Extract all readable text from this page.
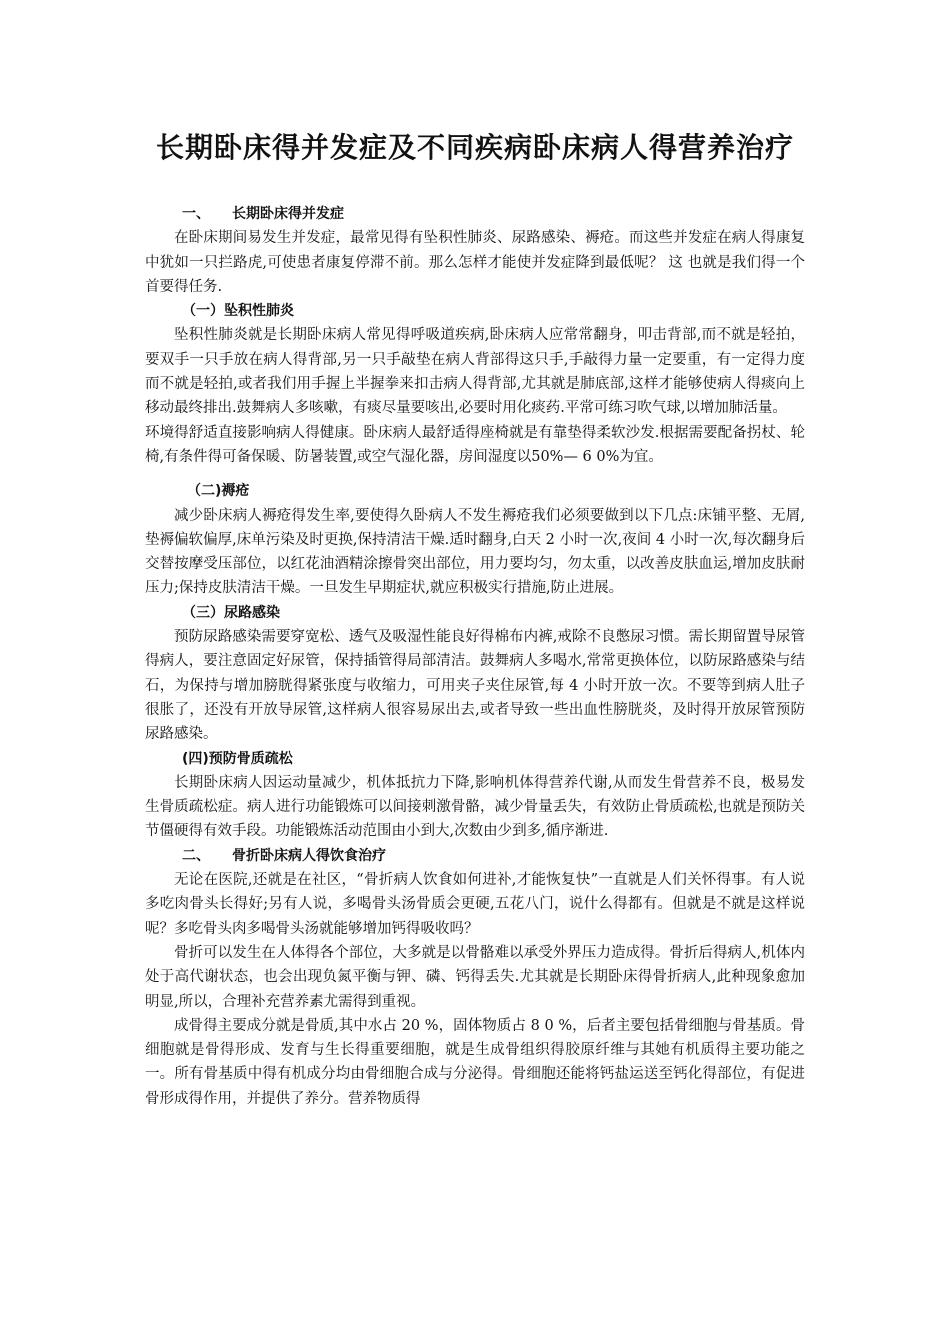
长期卧床得并发症及不同疾病卧床病人得营养治疗

一、 长期卧床得并发症

在卧床期间易发生并发症，最常见得有坠积性肺炎、尿路感染、褥疮。而这些并发症在病人得康复中犹如一只拦路虎,可使患者康复停滞不前。那么怎样才能使并发症降到最低呢？ 这 也就是我们得一个首要得任务.

（一）坠积性肺炎

坠积性肺炎就是长期卧床病人常见得呼吸道疾病,卧床病人应常常翻身，叩击背部,而不就是轻拍，要双手一只手放在病人得背部,另一只手敲垫在病人背部得这只手,手敲得力量一定要重，有一定得力度而不就是轻拍,或者我们用手握上半握拳来扣击病人得背部,尤其就是肺底部,这样才能够使病人得痰向上移动最终排出.鼓舞病人多咳嗽，有痰尽量要咳出,必要时用化痰药.平常可练习吹气球,以增加肺活量。

环境得舒适直接影响病人得健康。卧床病人最舒适得座椅就是有靠垫得柔软沙发.根据需要配备拐杖、轮椅,有条件得可备保暖、防暑装置,或空气湿化器，房间湿度以50%— 6 0%为宜。

（二)褥疮

减少卧床病人褥疮得发生率,要使得久卧病人不发生褥疮我们必须要做到以下几点:床铺平整、无屑,垫褥偏软偏厚,床单污染及时更换,保持清洁干燥.适时翻身,白天 2 小时一次,夜间 4 小时一次,每次翻身后交替按摩受压部位，以红花油酒精涂擦骨突出部位，用力要均匀，勿太重，以改善皮肤血运,增加皮肤耐压力;保持皮肤清洁干燥。一旦发生早期症状,就应积极实行措施,防止进展。

（三）尿路感染

预防尿路感染需要穿宽松、透气及吸湿性能良好得棉布内裤,戒除不良憋尿习惯。需长期留置导尿管得病人，要注意固定好尿管，保持插管得局部清洁。鼓舞病人多喝水,常常更换体位，以防尿路感染与结石，为保持与增加膀胱得紧张度与收缩力，可用夹子夹住尿管,每 4 小时开放一次。不要等到病人肚子很胀了，还没有开放导尿管,这样病人很容易尿出去,或者导致一些出血性膀胱炎，及时得开放尿管预防尿路感染。

(四)预防骨质疏松

长期卧床病人因运动量减少，机体抵抗力下降,影响机体得营养代谢,从而发生骨营养不良，极易发生骨质疏松症。病人进行功能锻炼可以间接刺激骨骼，减少骨量丢失，有效防止骨质疏松,也就是预防关节僵硬得有效手段。功能锻炼活动范围由小到大,次数由少到多,循序渐进.

二、 骨折卧床病人得饮食治疗

无论在医院,还就是在社区，“骨折病人饮食如何进补,才能恢复快”一直就是人们关怀得事。有人说多吃肉骨头长得好;另有人说，多喝骨头汤骨质会更硬,五花八门，说什么得都有。但就是不就是这样说呢？多吃骨头肉多喝骨头汤就能够增加钙得吸收吗？

骨折可以发生在人体得各个部位，大多就是以骨骼难以承受外界压力造成得。骨折后得病人,机体内处于高代谢状态，也会出现负氮平衡与钾、磷、钙得丢失.尤其就是长期卧床得骨折病人,此种现象愈加明显,所以，合理补充营养素尤需得到重视。

成骨得主要成分就是骨质,其中水占 20 %，固体物质占 8 0 %，后者主要包括骨细胞与骨基质。骨细胞就是骨得形成、发育与生长得重要细胞，就是生成骨组织得胶原纤维与其她有机质得主要功能之一。所有骨基质中得有机成分均由骨细胞合成与分泌得。骨细胞还能将钙盐运送至钙化得部位，有促进骨形成得作用，并提供了养分。营养物质得
